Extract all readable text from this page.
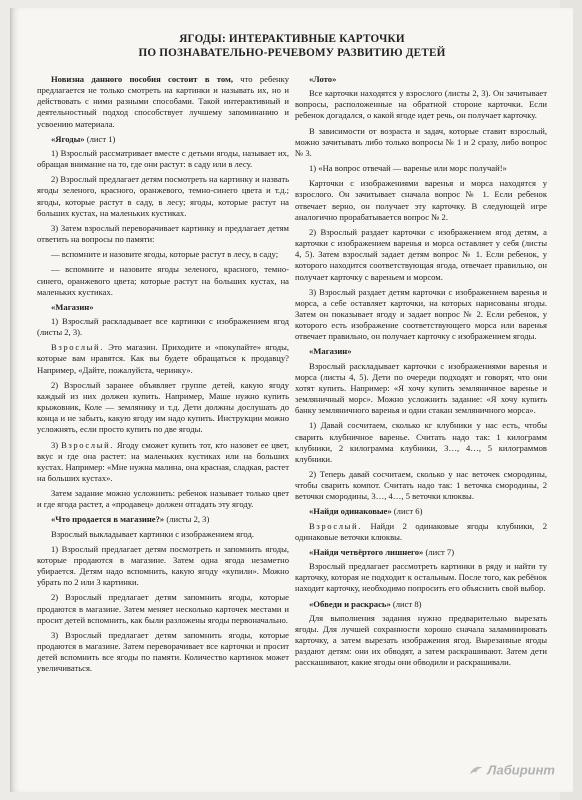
ЯГОДЫ: ИНТЕРАКТИВНЫЕ КАРТОЧКИ
ПО ПОЗНАВАТЕЛЬНО-РЕЧЕВОМУ РАЗВИТИЮ ДЕТЕЙ

Новизна данного пособия состоит в том, что ребенку предлагается не только смотреть на картинки и называть их, но и действовать с ними разными способами. Такой интерактивный и деятельностный подход способствует лучшему запоминанию и усвоению материала.

«Ягоды» (лист 1)

1) Взрослый рассматривает вместе с детьми ягоды, называет их, обращая внимание на то, где они растут: в саду или в лесу.

2) Взрослый предлагает детям посмотреть на картинку и назвать ягоды зеленого, красного, оранжевого, темно-синего цвета и т.д.; ягоды, которые растут в саду, в лесу; ягоды, которые растут на больших кустах, на маленьких кустиках.

3) Затем взрослый переворачивает картинку и предлагает детям ответить на вопросы по памяти:

— вспомните и назовите ягоды, которые растут в лесу, в саду;

— вспомните и назовите ягоды зеленого, красного, темно-синего, оранжевого цвета; которые растут на больших кустах, на маленьких кустиках.

«Магазин»

1) Взрослый раскладывает все картинки с изображением ягод (листы 2, 3).

Взрослый. Это магазин. Приходите и «покупайте» ягоды, которые вам нравятся. Как вы будете обращаться к продавцу? Например, «Дайте, пожалуйста, черинку».

2) Взрослый заранее объявляет группе детей, какую ягоду каждый из них должен купить. Например, Маше нужно купить крыжовник, Коле — землянику и т.д. Дети должны дослушать до конца и не забыть, какую ягоду им надо купить. Инструкции можно усложнять, если просто купить по две ягоды.

3) Взрослый. Ягоду сможет купить тот, кто назовет ее цвет, вкус и где она растет: на маленьких кустиках или на больших кустах. Например: «Мне нужна малина, она красная, сладкая, растет на больших кустах».

Затем задание можно усложнить: ребенок называет только цвет и где ягода растет, а «продавец» должен отгадать эту ягоду.

«Что продается в магазине?» (листы 2, 3)

Взрослый выкладывает картинки с изображением ягод.

1) Взрослый предлагает детям посмотреть и запомнить ягоды, которые продаются в магазине. Затем одна ягода незаметно убирается. Детям надо вспомнить, какую ягоду «купили». Можно убрать по 2 или 3 картинки.

2) Взрослый предлагает детям запомнить ягоды, которые продаются в магазине. Затем меняет несколько карточек местами и просит детей вспомнить, как были разложены ягоды первоначально.

3) Взрослый предлагает детям запомнить ягоды, которые продаются в магазине. Затем переворачивает все карточки и просит детей вспомнить все ягоды по памяти. Количество картинок может увеличиваться.

«Лото»

Все карточки находятся у взрослого (листы 2, 3). Он зачитывает вопросы, расположенные на обратной стороне карточки. Если ребенок догадался, о какой ягоде идет речь, он получает карточку.

В зависимости от возраста и задач, которые ставит взрослый, можно зачитывать либо только вопросы № 1 и 2 сразу, либо вопрос № 3.

1) «На вопрос отвечай — варенье или морс получай!»

Карточки с изображениями варенья и морса находятся у взрослого. Он зачитывает сначала вопрос № 1. Если ребенок отвечает верно, он получает эту карточку. В следующей игре аналогично прорабатывается вопрос № 2.

2) Взрослый раздает карточки с изображением ягод детям, а карточки с изображением варенья и морса оставляет у себя (листы 4, 5). Затем взрослый задает детям вопрос № 1. Если ребенок, у которого находится соответствующая ягода, отвечает правильно, он получает карточку с вареньем и морсом.

3) Взрослый раздает детям карточки с изображением варенья и морса, а себе оставляет карточки, на которых нарисованы ягоды. Затем он показывает ягоду и задает вопрос № 2. Если ребенок, у которого есть изображение соответствующего морса или варенья отвечает правильно, он получает карточку с изображением ягоды.

«Магазин»

Взрослый раскладывает карточки с изображениями варенья и морса (листы 4, 5). Дети по очереди подходят и говорят, что они хотят купить. Например: «Я хочу купить земляничное варенье и земляничный морс». Можно усложнить задание: «Я хочу купить банку земляничного варенья и одни стакан земляничного морса».

1) Давай сосчитаем, сколько кг клубники у нас есть, чтобы сварить клубничное варенье. Считать надо так: 1 килограмм клубники, 2 килограмма клубники, 3…, 4…, 5 килограммов клубники.

2) Теперь давай сосчитаем, сколько у нас веточек смородины, чтобы сварить компот. Считать надо так: 1 веточка смородины, 2 веточки смородины, 3…, 4…, 5 веточки клюквы.

«Найди одинаковые» (лист 6)

Взрослый. Найди 2 одинаковые ягоды клубники, 2 одинаковые веточки клюквы.

«Найди четвёртого лишнего» (лист 7)

Взрослый предлагает рассмотреть картинки в ряду и найти ту карточку, которая не подходит к остальным. После того, как ребёнок находит карточку, необходимо попросить его объяснить свой выбор.

«Обведи и раскрась» (лист 8)

Для выполнения задания нужно предварительно вырезать ягоды. Для лучшей сохранности хорошо сначала заламинировать карточку, а затем вырезать изображения ягод. Вырезанные ягоды раздают детям: они их обводят, а затем раскрашивают. Затем дети расскашивают, какие ягоды они обводили и раскрашивали.

Лабиринт
